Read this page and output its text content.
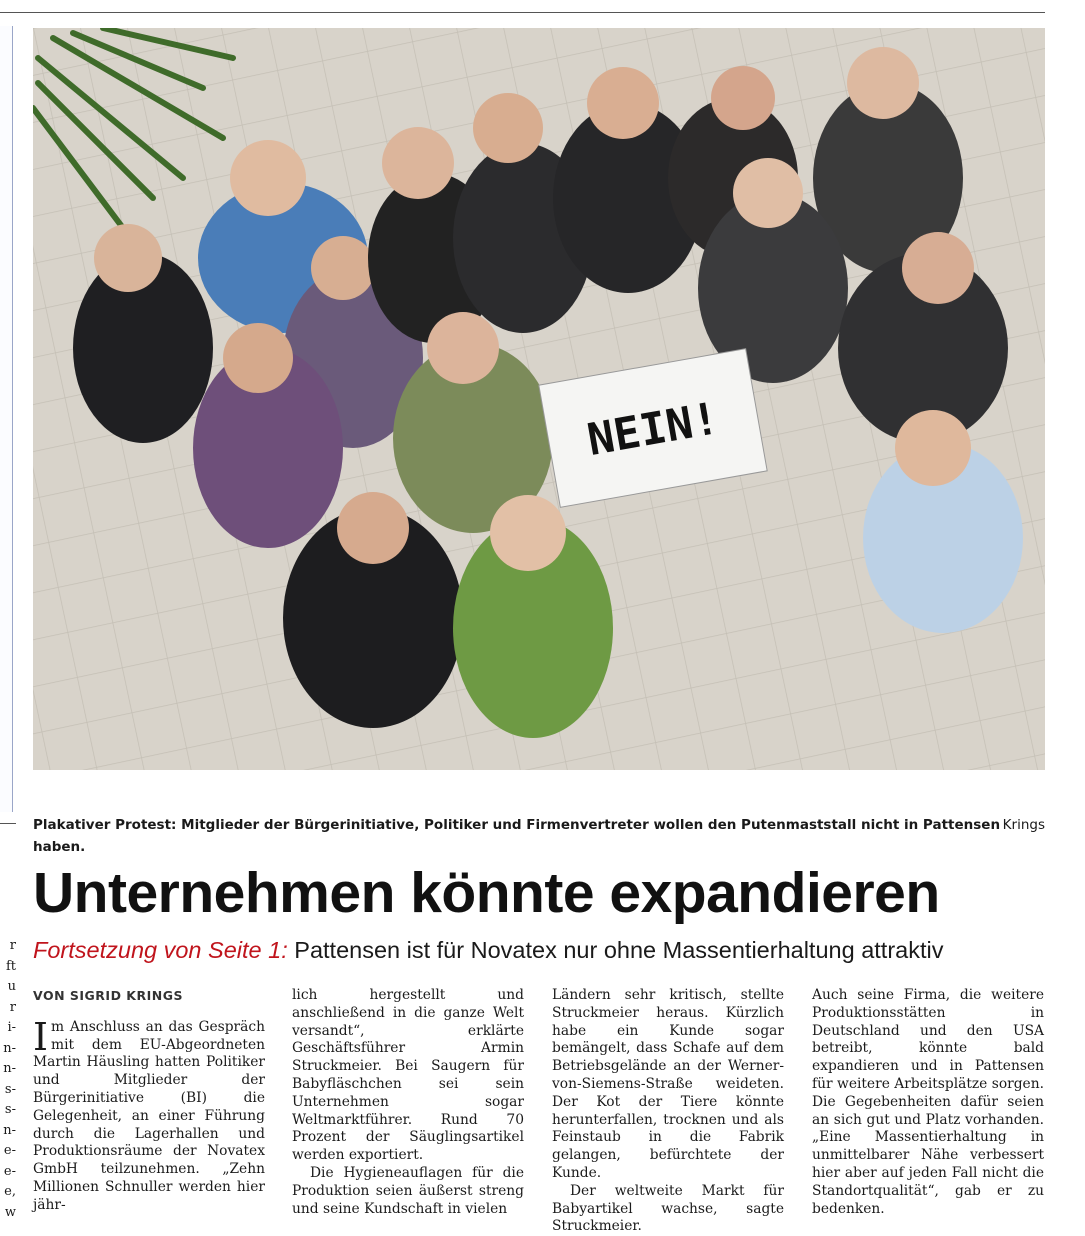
r
ft
u
r
i-
n-
n-
s-
s-
n-
e-
e-
e,
w
NEIN!
Plakativer Protest: Mitglieder der Bürgerinitiative, Politiker und Firmenvertreter wollen den Putenmaststall nicht in Pattensen haben.
Krings
Unternehmen könnte expandieren
Fortsetzung von Seite 1: Pattensen ist für Novatex nur ohne Massentierhaltung attraktiv
VON SIGRID KRINGS

Im Anschluss an das Gespräch mit dem EU-Abgeordneten Martin Häusling hatten Politiker und Mitglieder der Bürgerinitiative (BI) die Gelegenheit, an einer Führung durch die Lagerhallen und Produktionsräume der Novatex GmbH teilzunehmen. „Zehn Millionen Schnuller werden hier jähr-

lich hergestellt und anschließend in die ganze Welt versandt“, erklärte Geschäftsführer Armin Struckmeier. Bei Saugern für Babyfläschchen sei sein Unternehmen sogar Weltmarktführer. Rund 70 Prozent der Säuglingsartikel werden exportiert.

Die Hygieneauflagen für die Produktion seien äußerst streng und seine Kundschaft in vielen

Ländern sehr kritisch, stellte Struckmeier heraus. Kürzlich habe ein Kunde sogar bemängelt, dass Schafe auf dem Betriebsgelände an der Werner-von-Siemens-Straße weideten. Der Kot der Tiere könnte herunterfallen, trocknen und als Feinstaub in die Fabrik gelangen, befürchtete der Kunde.

Der weltweite Markt für Babyartikel wachse, sagte Struckmeier.

Auch seine Firma, die weitere Produktionsstätten in Deutschland und den USA betreibt, könnte bald expandieren und in Pattensen für weitere Arbeitsplätze sorgen. Die Gegebenheiten dafür seien an sich gut und Platz vorhanden. „Eine Massentierhaltung in unmittelbarer Nähe verbessert hier aber auf jeden Fall nicht die Standortqualität“, gab er zu bedenken.
